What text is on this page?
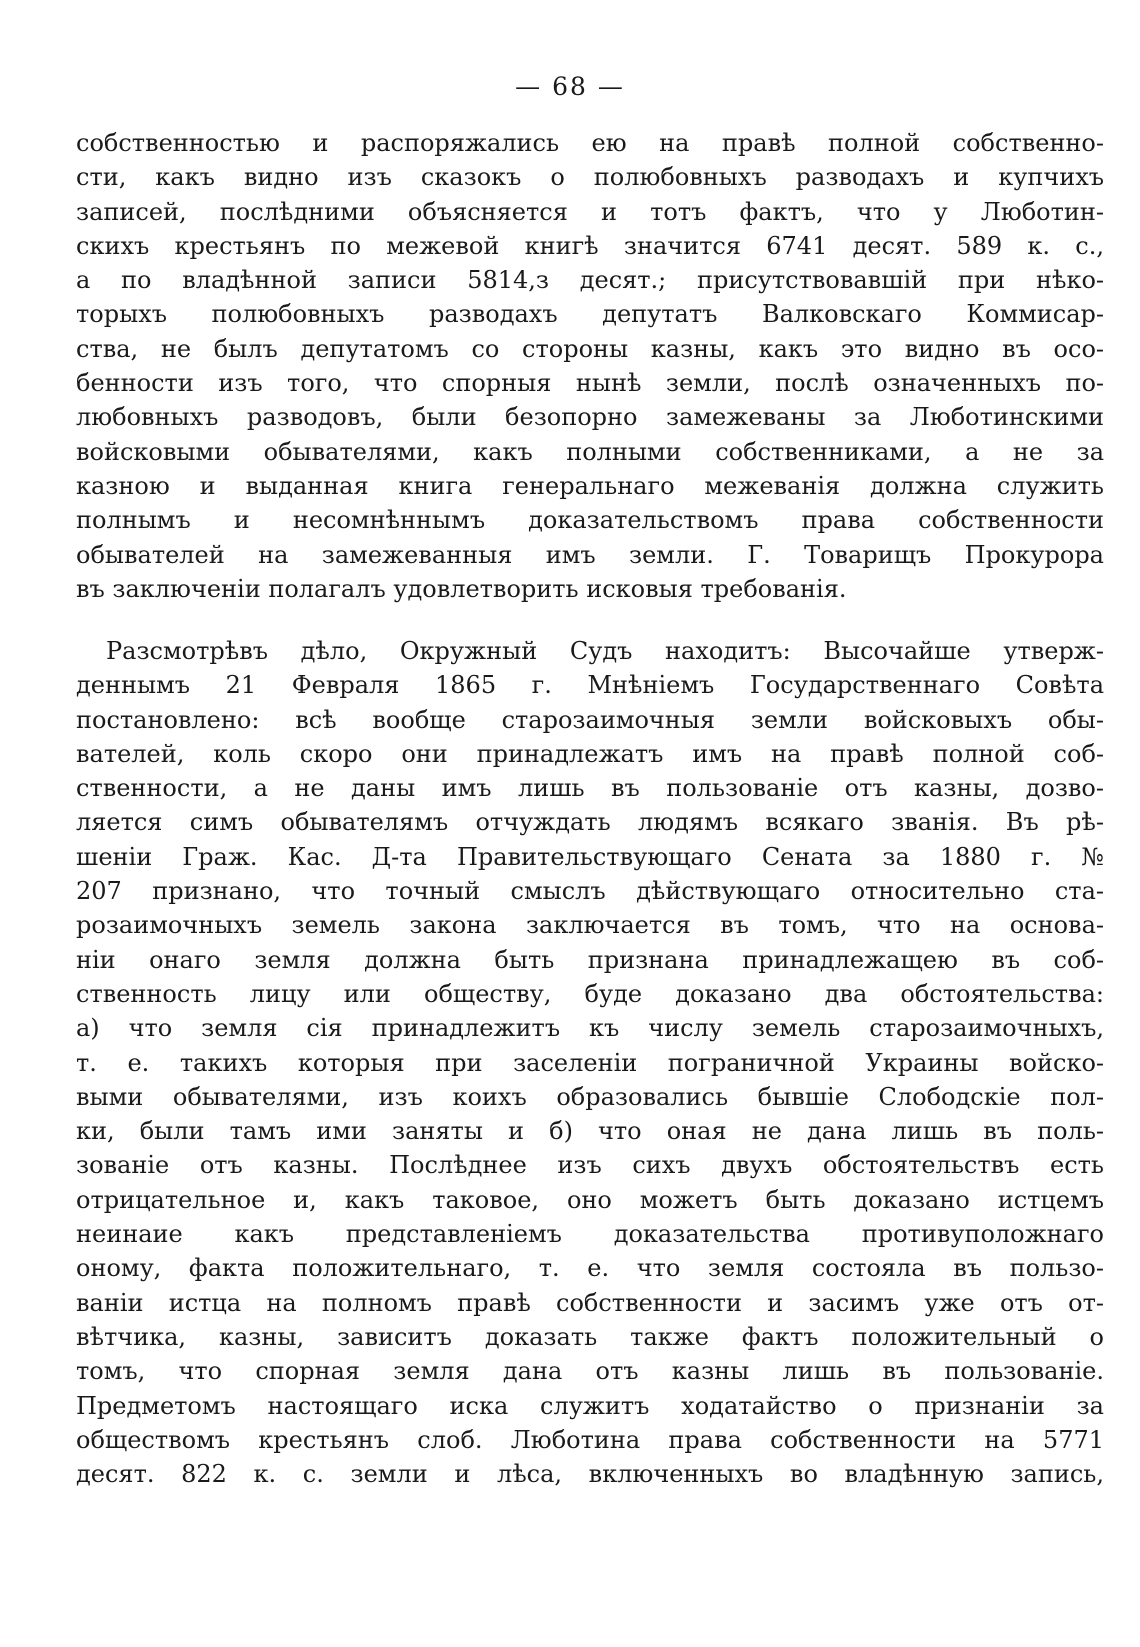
— 68 —
собственностью и распоряжались ею на правѣ полной собственно-
сти, какъ видно изъ сказокъ о полюбовныхъ разводахъ и купчихъ
записей, послѣдними объясняется и тотъ фактъ, что у Люботин-
скихъ крестьянъ по межевой книгѣ значится 6741 десят. 589 к. с.,
а по владѣнной записи 5814,з десят.; присутствовавшій при нѣко-
торыхъ полюбовныхъ разводахъ депутатъ Валковскаго Коммисар-
ства, не былъ депутатомъ со стороны казны, какъ это видно въ осо-
бенности изъ того, что спорныя нынѣ земли, послѣ означенныхъ по-
любовныхъ разводовъ, были безопорно замежеваны за Люботинскими
войсковыми обывателями, какъ полными собственниками, а не за
казною и выданная книга генеральнаго межеванія должна служить
полнымъ и несомнѣннымъ доказательствомъ права собственности
обывателей на замежеванныя имъ земли. Г. Товарищъ Прокурора
въ заключеніи полагалъ удовлетворить исковыя требованія.
Разсмотрѣвъ дѣло, Окружный Судъ находитъ: Высочайше утверж-
деннымъ 21 Февраля 1865 г. Мнѣніемъ Государственнаго Совѣта
постановлено: всѣ вообще старозаимочныя земли войсковыхъ обы-
вателей, коль скоро они принадлежатъ имъ на правѣ полной соб-
ственности, а не даны имъ лишь въ пользованіе отъ казны, дозво-
ляется симъ обывателямъ отчуждать людямъ всякаго званія. Въ рѣ-
шеніи Граж. Кас. Д-та Правительствующаго Сената за 1880 г. №
207 признано, что точный смыслъ дѣйствующаго относительно ста-
розаимочныхъ земель закона заключается въ томъ, что на основа-
ніи онаго земля должна быть признана принадлежащею въ соб-
ственность лицу или обществу, буде доказано два обстоятельства:
а) что земля сія принадлежитъ къ числу земель старозаимочныхъ,
т. е. такихъ которыя при заселеніи пограничной Украины войско-
выми обывателями, изъ коихъ образовались бывшіе Слободскіе пол-
ки, были тамъ ими заняты и б) что оная не дана лишь въ поль-
зованіе отъ казны. Послѣднее изъ сихъ двухъ обстоятельствъ есть
отрицательное и, какъ таковое, оно можетъ быть доказано истцемъ
неинаие какъ представленіемъ доказательства противуположнаго
оному, факта положительнаго, т. е. что земля состояла въ пользо-
ваніи истца на полномъ правѣ собственности и засимъ уже отъ от-
вѣтчика, казны, зависитъ доказать также фактъ положительный о
томъ, что спорная земля дана отъ казны лишь въ пользованіе.
Предметомъ настоящаго иска служитъ ходатайство о признаніи за
обществомъ крестьянъ слоб. Люботина права собственности на 5771
десят. 822 к. с. земли и лѣса, включенныхъ во владѣнную запись,
